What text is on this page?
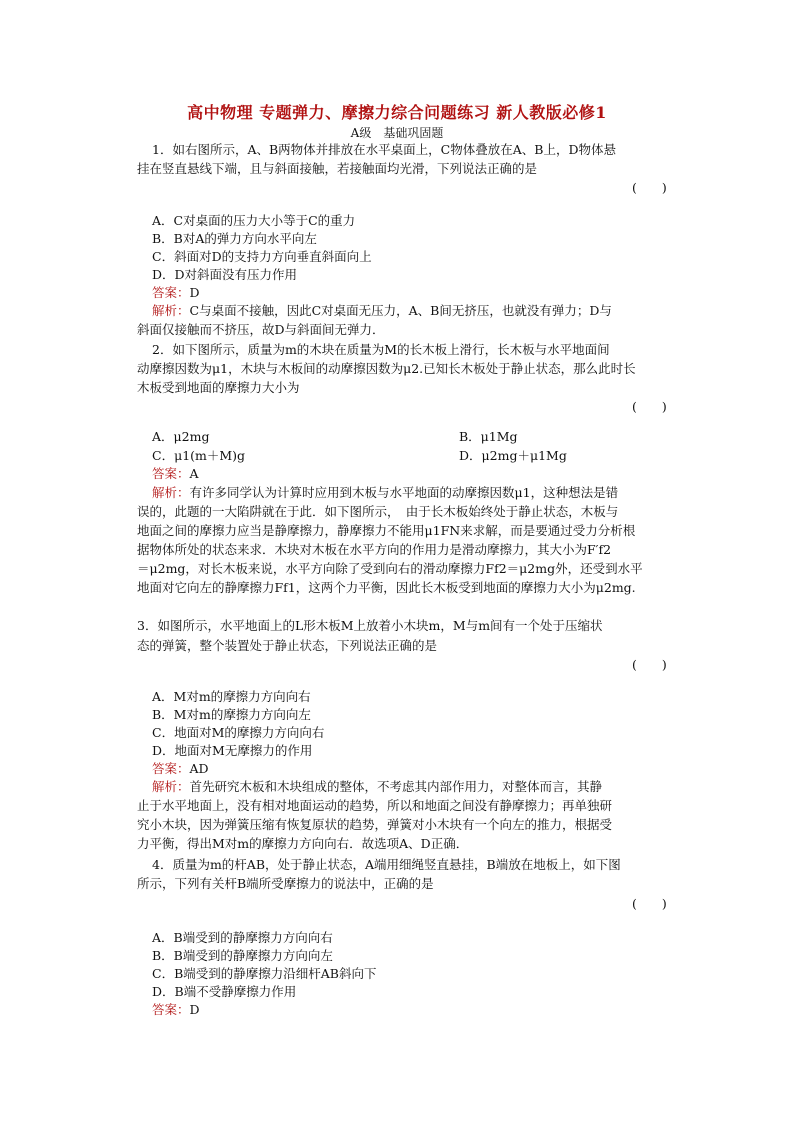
高中物理 专题弹力、摩擦力综合问题练习 新人教版必修1
A级　基础巩固题
1．如右图所示，A、B两物体并排放在水平桌面上，C物体叠放在A、B上，D物体悬
挂在竖直悬线下端，且与斜面接触，若接触面均光滑，下列说法正确的是
(　　)
A．C对桌面的压力大小等于C的重力
B．B对A的弹力方向水平向左
C．斜面对D的支持力方向垂直斜面向上
D．D对斜面没有压力作用
答案：D
解析：C与桌面不接触，因此C对桌面无压力，A、B间无挤压，也就没有弹力；D与
斜面仅接触而不挤压，故D与斜面间无弹力．
2．如下图所示，质量为m的木块在质量为M的长木板上滑行，长木板与水平地面间
动摩擦因数为μ1，木块与木板间的动摩擦因数为μ2.已知长木板处于静止状态，那么此时长
木板受到地面的摩擦力大小为
(　　)
A．μ2mg	B．μ1Mg
C．μ1(m＋M)g	D．μ2mg＋μ1Mg
答案：A
解析：有许多同学认为计算时应用到木板与水平地面的动摩擦因数μ1，这种想法是错
误的，此题的一大陷阱就在于此．如下图所示，　由于长木板始终处于静止状态，木板与
地面之间的摩擦力应当是静摩擦力，静摩擦力不能用μ1FN来求解，而是要通过受力分析根
据物体所处的状态来求．木块对木板在水平方向的作用力是滑动摩擦力，其大小为F′f2
＝μ2mg，对长木板来说，水平方向除了受到向右的滑动摩擦力Ff2＝μ2mg外，还受到水平
地面对它向左的静摩擦力Ff1，这两个力平衡，因此长木板受到地面的摩擦力大小为μ2mg.
3．如图所示，水平地面上的L形木板M上放着小木块m，M与m间有一个处于压缩状
态的弹簧，整个装置处于静止状态，下列说法正确的是
(　　)
A．M对m的摩擦力方向向右
B．M对m的摩擦力方向向左
C．地面对M的摩擦力方向向右
D．地面对M无摩擦力的作用
答案：AD
解析：首先研究木板和木块组成的整体，不考虑其内部作用力，对整体而言，其静
止于水平地面上，没有相对地面运动的趋势，所以和地面之间没有静摩擦力；再单独研
究小木块，因为弹簧压缩有恢复原状的趋势，弹簧对小木块有一个向左的推力，根据受
力平衡，得出M对m的摩擦力方向向右．故选项A、D正确．
4．质量为m的杆AB，处于静止状态，A端用细绳竖直悬挂，B端放在地板上，如下图
所示，下列有关杆B端所受摩擦力的说法中，正确的是
(　　)
A．B端受到的静摩擦力方向向右
B．B端受到的静摩擦力方向向左
C．B端受到的静摩擦力沿细杆AB斜向下
D．B端不受静摩擦力作用
答案：D
